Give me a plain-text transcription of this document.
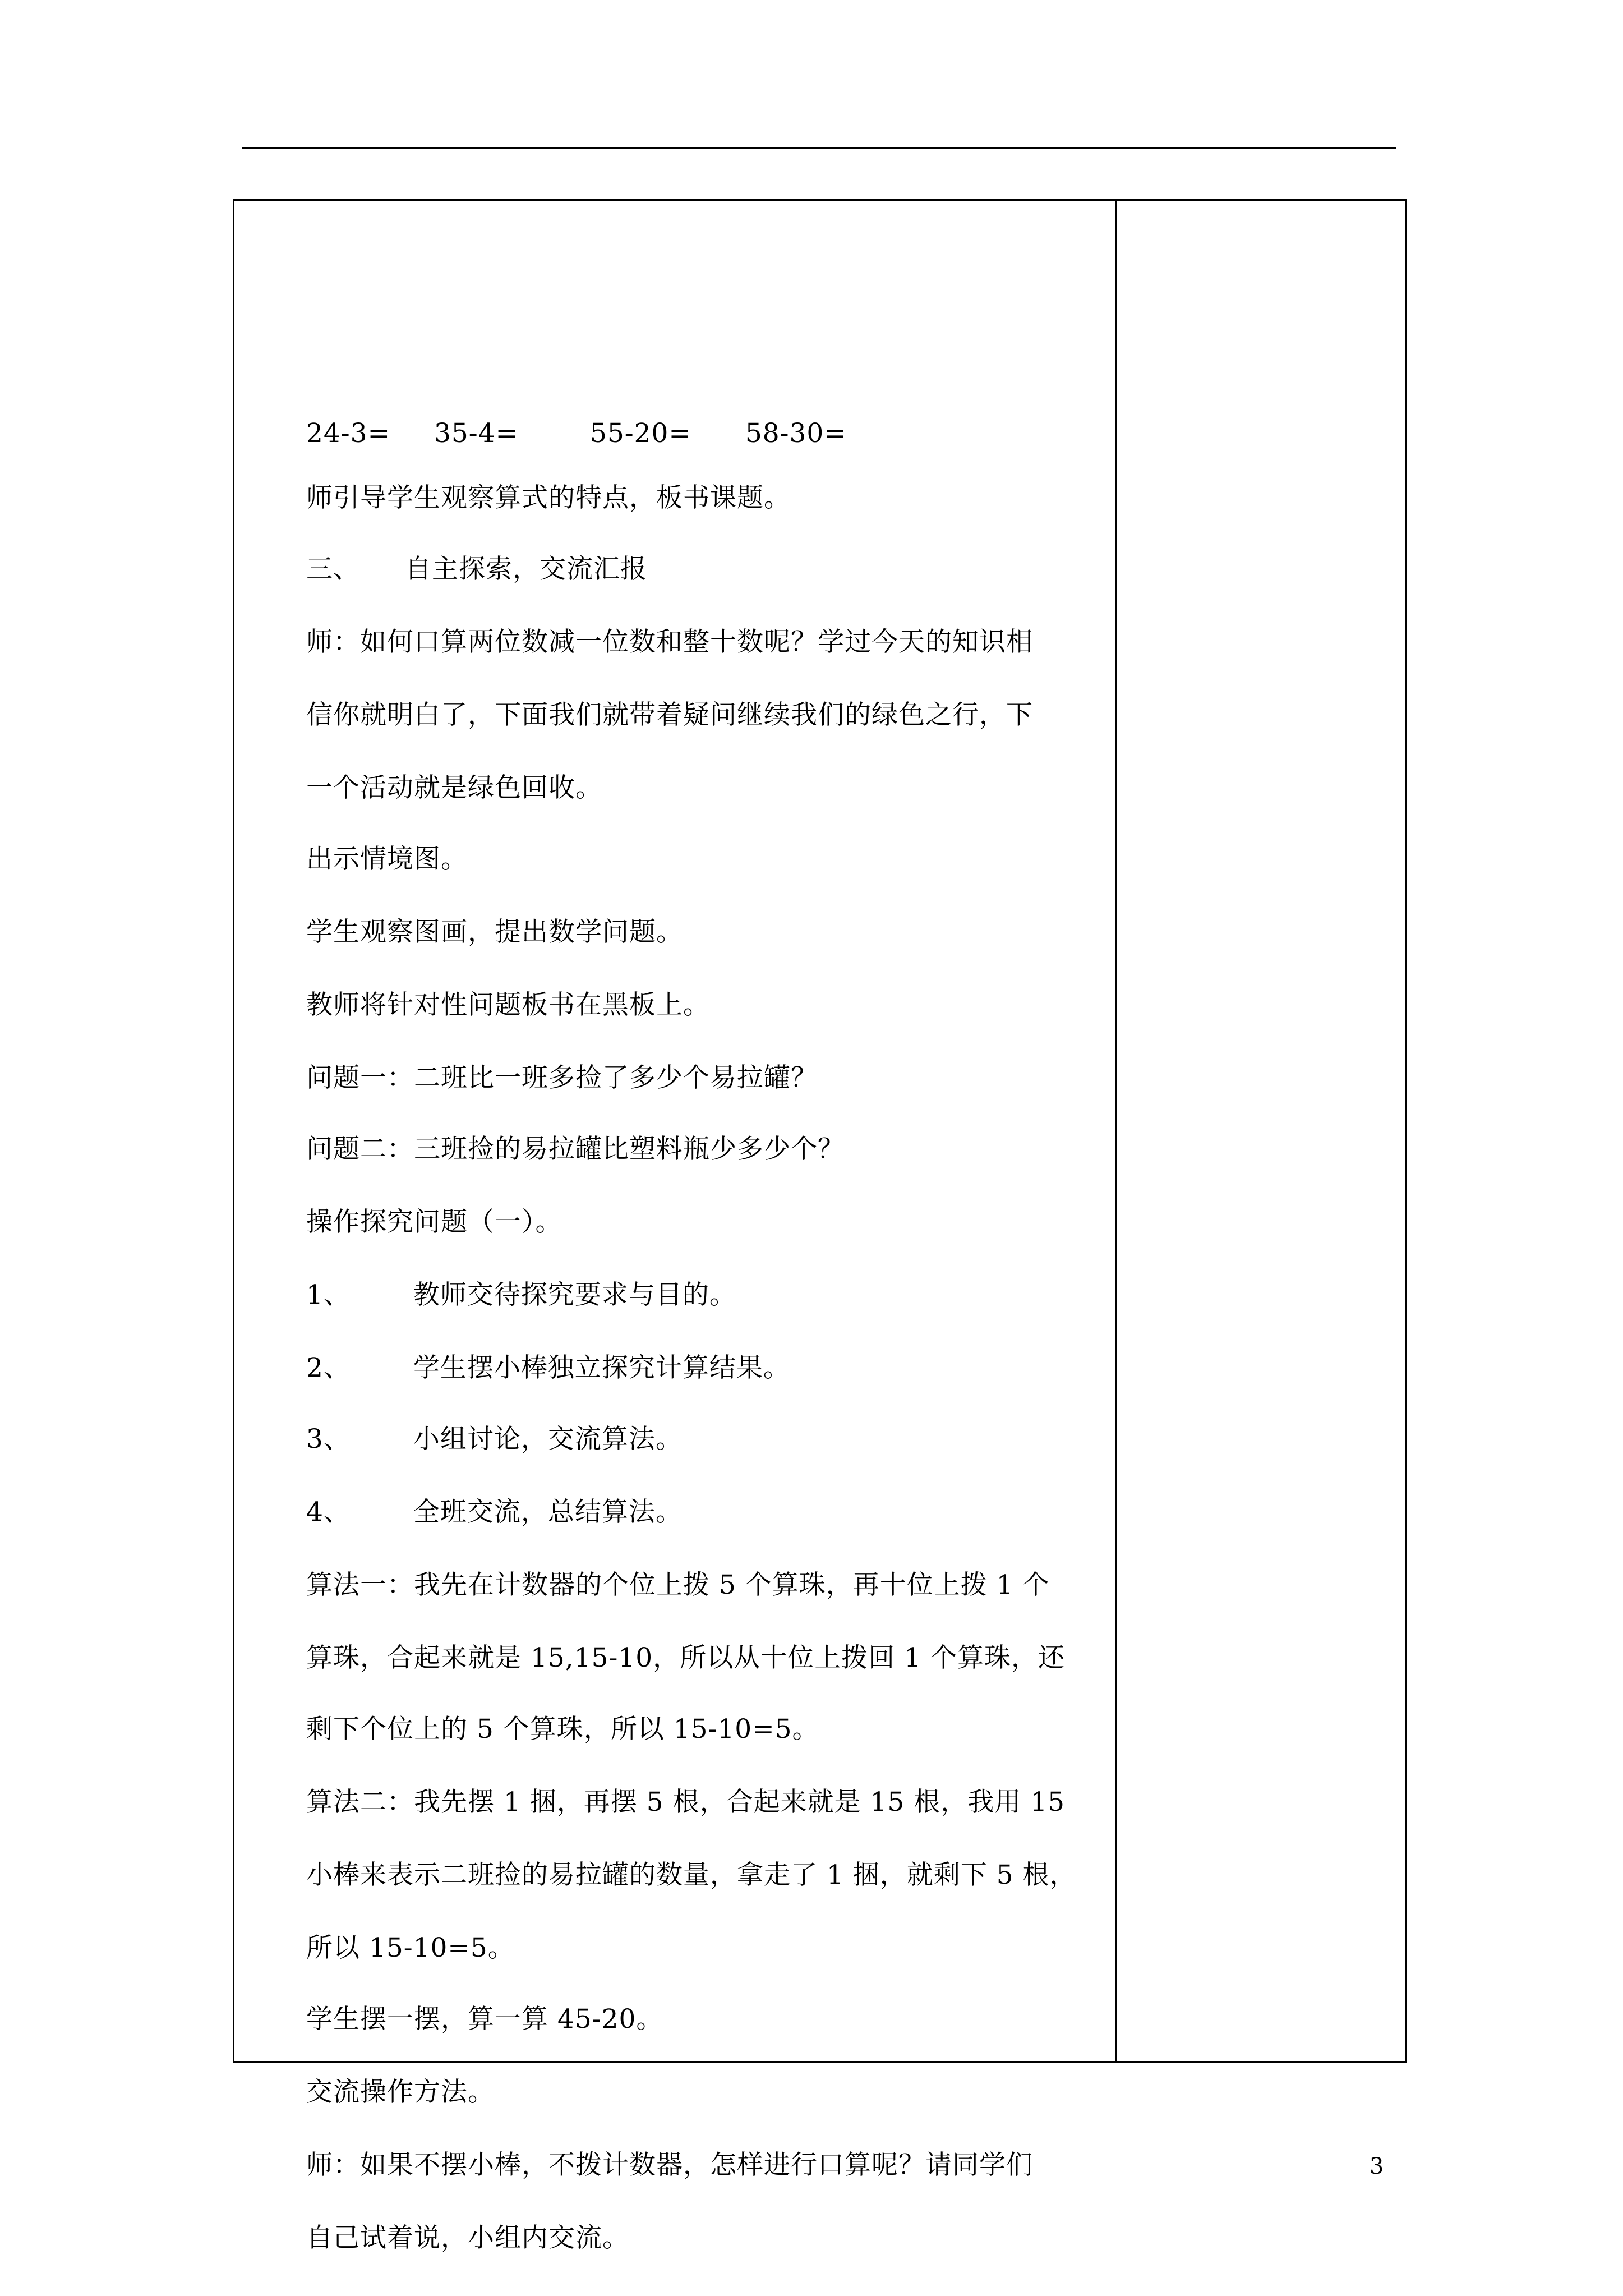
24-3= 35-4=	55-20= 58-30=
师引导学生观察算式的特点，板书课题。
三、 自主探索，交流汇报
师：如何口算两位数减一位数和整十数呢？学过今天的知识相
信你就明白了，下面我们就带着疑问继续我们的绿色之行，下
一个活动就是绿色回收。
出示情境图。
学生观察图画，提出数学问题。
教师将针对性问题板书在黑板上。
问题一：二班比一班多捡了多少个易拉罐？
问题二：三班捡的易拉罐比塑料瓶少多少个？
操作探究问题（一）。
1、 教师交待探究要求与目的。
2、 学生摆小棒独立探究计算结果。
3、 小组讨论，交流算法。
4、 全班交流，总结算法。
算法一：我先在计数器的个位上拨 5 个算珠，再十位上拨 1 个
算珠，合起来就是 15,15-10，所以从十位上拨回 1 个算珠，还
剩下个位上的 5 个算珠，所以 15-10=5。
算法二：我先摆 1 捆，再摆 5 根，合起来就是 15 根，我用 15
小棒来表示二班捡的易拉罐的数量，拿走了 1 捆，就剩下 5 根，
所以 15-10=5。
学生摆一摆，算一算 45-20。
交流操作方法。
师：如果不摆小棒，不拨计数器，怎样进行口算呢？请同学们
自己试着说，小组内交流。
3
